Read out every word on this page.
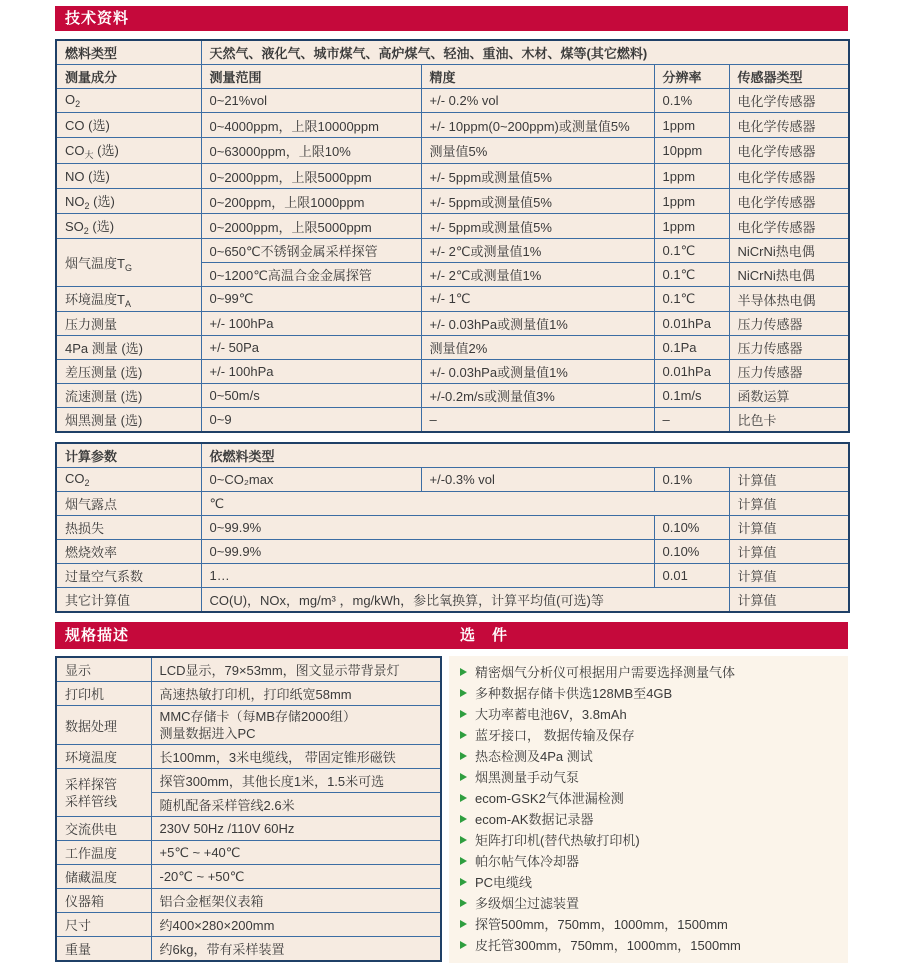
技术资料
燃料类型	天然气、液化气、城市煤气、高炉煤气、轻油、重油、木材、煤等(其它燃料)			
测量成分	测量范围	精度	分辨率	传感器类型
$O_2$	0~21%vol	+/- 0.2% vol	0.1%	电化学传感器
CO (选)	0~4000ppm，上限10000ppm	+/- 10ppm(0~200ppm)或测量值5%	1ppm	电化学传感器
$CO_大$ (选)	0~63000ppm，上限10%	测量值5%	10ppm	电化学传感器
NO (选)	0~2000ppm，上限5000ppm	+/- 5ppm或测量值5%	1ppm	电化学传感器
$NO_2$ (选)	0~200ppm，上限1000ppm	+/- 5ppm或测量值5%	1ppm	电化学传感器
$SO_2$ (选)	0~2000ppm，上限5000ppm	+/- 5ppm或测量值5%	1ppm	电化学传感器
烟气温度$T_G$	0~650℃不锈钢金属采样探管	+/- 2℃或测量值1%	0.1℃	NiCrNi热电偶
	0~1200℃高温合金金属探管	+/- 2℃或测量值1%	0.1℃	NiCrNi热电偶
环境温度$T_A$	0~99℃	+/- 1℃	0.1℃	半导体热电偶
压力测量	+/- 100hPa	+/- 0.03hPa或测量值1%	0.01hPa	压力传感器
4Pa 测量 (选)	+/- 50Pa	测量值2%	0.1Pa	压力传感器
差压测量 (选)	+/- 100hPa	+/- 0.03hPa或测量值1%	0.01hPa	压力传感器
流速测量 (选)	0~50m/s	+/-0.2m/s或测量值3%	0.1m/s	函数运算
烟黑测量 (选)	0~9	–	–	比色卡
计算参数	依燃料类型			
$CO_2$	0~CO₂max	+/-0.3% vol	0.1%	计算值
烟气露点	℃			计算值
热损失	0~99.9%		0.10%	计算值
燃烧效率	0~99.9%		0.10%	计算值
过量空气系数	1…		0.01	计算值
其它计算值	CO(U)，NOx，mg/m³ ，mg/kWh，参比氧换算，计算平均值(可选)等			计算值
规格描述	选　件
显示	LCD显示，79×53mm，图文显示带背景灯
打印机	高速热敏打印机，打印纸宽58mm
数据处理	MMC存储卡（每MB存储2000组）
测量数据进入PC

环境温度	长100mm，3米电缆线， 带固定锥形磁铁

采样探管
采样管线	探管300mm，其他长度1米，1.5米可选
	随机配备采样管线2.6米
交流供电	230V 50Hz /110V 60Hz
工作温度	+5℃ ~ +40℃
储藏温度	-20℃ ~ +50℃
仪器箱	铝合金框架仪表箱
尺寸	约400×280×200mm
重量	约6kg，带有采样装置
精密烟气分析仪可根据用户需要选择测量气体
多种数据存储卡供选128MB至4GB
大功率蓄电池6V，3.8mAh
蓝牙接口， 数据传输及保存
热态检测及4Pa 测试
烟黑测量手动气泵
ecom-GSK2气体泄漏检测
ecom-AK数据记录器
矩阵打印机(替代热敏打印机)
帕尔帖气体冷却器
PC电缆线
多级烟尘过滤装置
探管500mm，750mm，1000mm，1500mm
皮托管300mm，750mm，1000mm，1500mm
